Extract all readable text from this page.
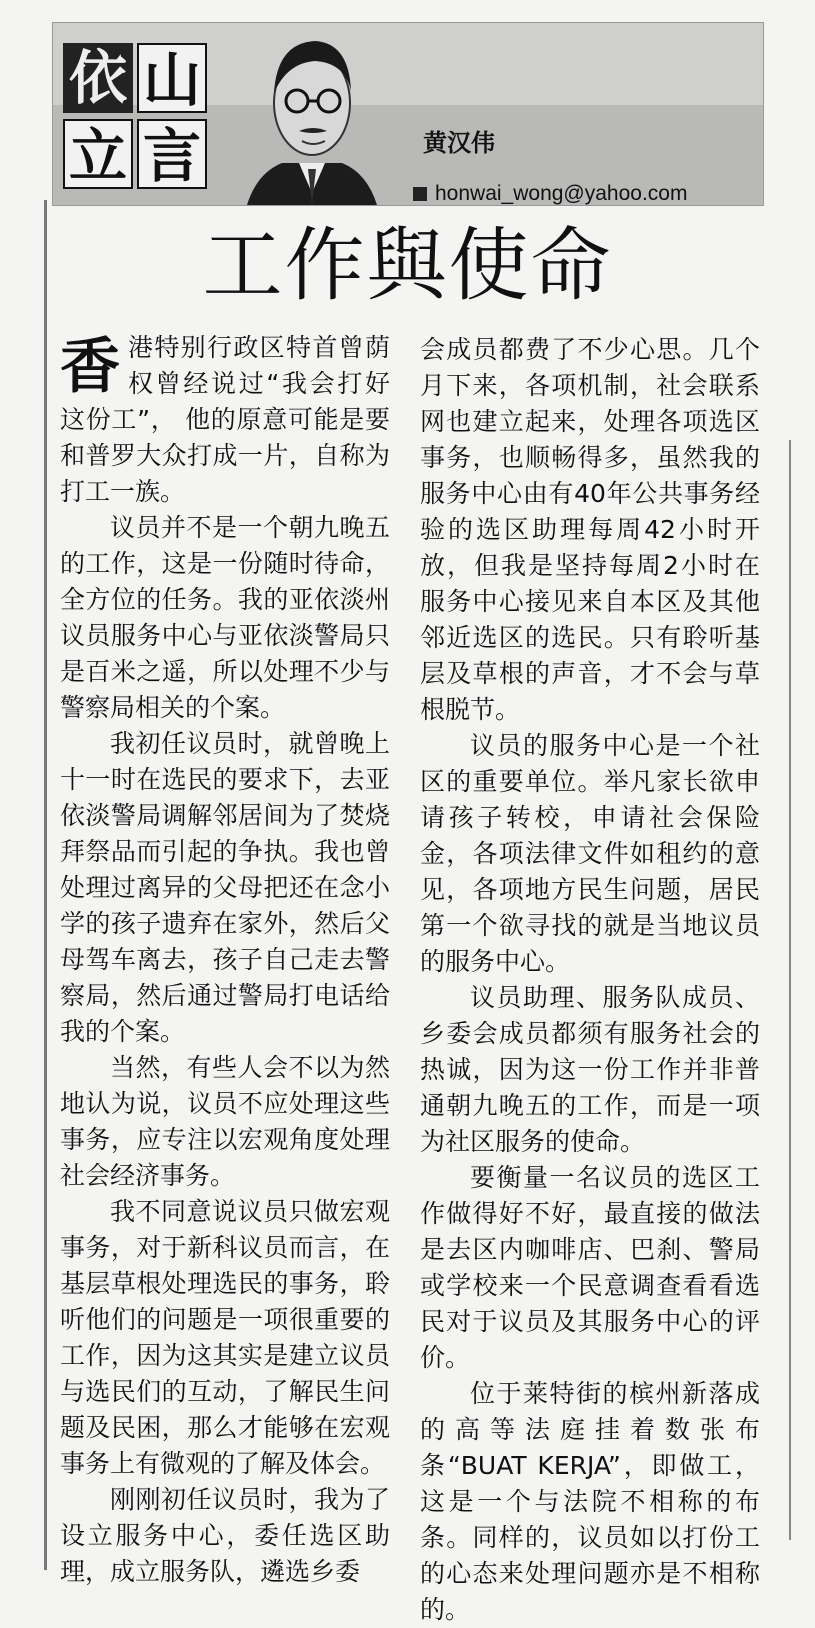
依 山
立 言	黄汉伟
honwai_wong@yahoo.com
工作與使命

香港特别行政区特首曾荫权曾经说过“我会打好这份工”， 他的原意可能是要和普罗大众打成一片，自称为打工一族。

议员并不是一个朝九晚五的工作，这是一份随时待命，全方位的任务。我的亚依淡州议员服务中心与亚依淡警局只是百米之遥，所以处理不少与警察局相关的个案。

我初任议员时，就曾晚上十一时在选民的要求下，去亚依淡警局调解邻居间为了焚烧拜祭品而引起的争执。我也曾处理过离异的父母把还在念小学的孩子遗弃在家外，然后父母驾车离去，孩子自己走去警察局，然后通过警局打电话给我的个案。

当然，有些人会不以为然地认为说，议员不应处理这些事务，应专注以宏观角度处理社会经济事务。

我不同意说议员只做宏观事务，对于新科议员而言，在基层草根处理选民的事务，聆听他们的问题是一项很重要的工作，因为这其实是建立议员与选民们的互动，了解民生问题及民困，那么才能够在宏观事务上有微观的了解及体会。

刚刚初任议员时，我为了设立服务中心，委任选区助理，成立服务队，遴选乡委

会成员都费了不少心思。几个月下来，各项机制，社会联系网也建立起来，处理各项选区事务，也顺畅得多，虽然我的服务中心由有40年公共事务经验的选区助理每周42小时开放，但我是坚持每周2小时在服务中心接见来自本区及其他邻近选区的选民。只有聆听基层及草根的声音，才不会与草根脱节。

议员的服务中心是一个社区的重要单位。举凡家长欲申请孩子转校，申请社会保险金，各项法律文件如租约的意见，各项地方民生问题，居民第一个欲寻找的就是当地议员的服务中心。

议员助理、服务队成员、乡委会成员都须有服务社会的热诚，因为这一份工作并非普通朝九晚五的工作，而是一项为社区服务的使命。

要衡量一名议员的选区工作做得好不好，最直接的做法是去区内咖啡店、巴刹、警局或学校来一个民意调查看看选民对于议员及其服务中心的评价。

位于莱特街的槟州新落成的高等法庭挂着数张布条“BUAT KERJA”，即做工，这是一个与法院不相称的布条。同样的，议员如以打份工的心态来处理问题亦是不相称的。
